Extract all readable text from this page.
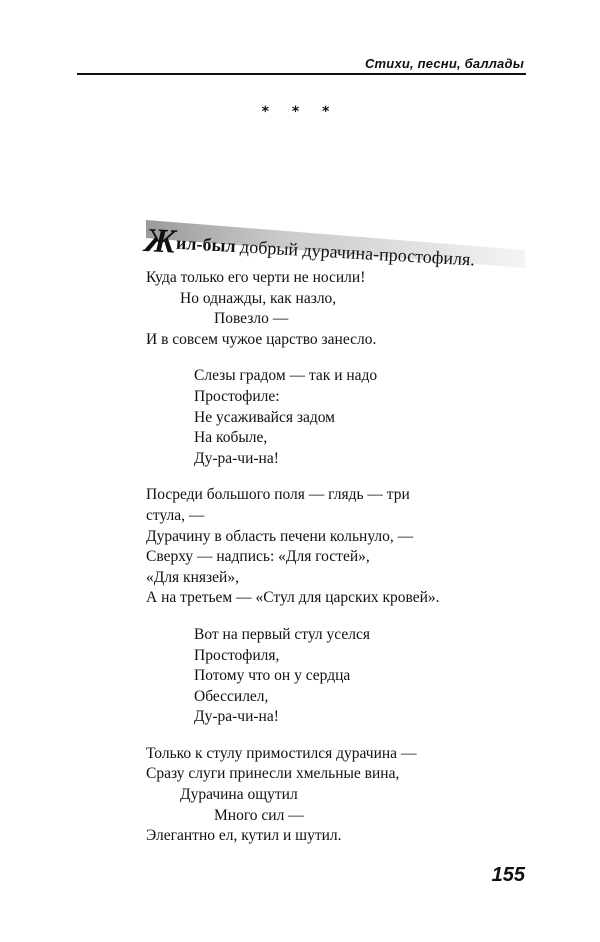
Стихи, песни, баллады
* * *
Жил-был добрый дурачина-простофиля.
Куда только его черти не носили!
Но однажды, как назло,
Повезло —
И в совсем чужое царство занесло.
Слезы градом — так и надо
Простофиле:
Не усаживайся задом
На кобыле,
Ду-ра-чи-на!
Посреди большого поля — глядь — три
стула, —
Дурачину в область печени кольнуло, —
Сверху — надпись: «Для гостей»,
«Для князей»,
А на третьем — «Стул для царских кровей».
Вот на первый стул уселся
Простофиля,
Потому что он у сердца
Обессилел,
Ду-ра-чи-на!
Только к стулу примостился дурачина —
Сразу слуги принесли хмельные вина,
Дурачина ощутил
Много сил —
Элегантно ел, кутил и шутил.
155
